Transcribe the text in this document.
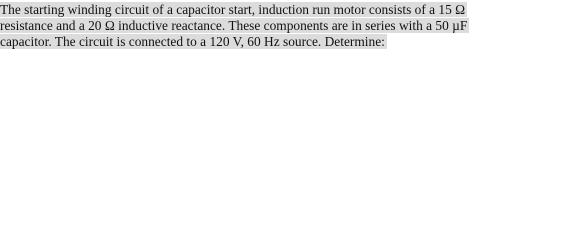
The starting winding circuit of a capacitor start, induction run motor consists of a 15 Ω
resistance and a 20 Ω inductive reactance. These components are in series with a 50 µF
capacitor. The circuit is connected to a 120 V, 60 Hz source. Determine:
